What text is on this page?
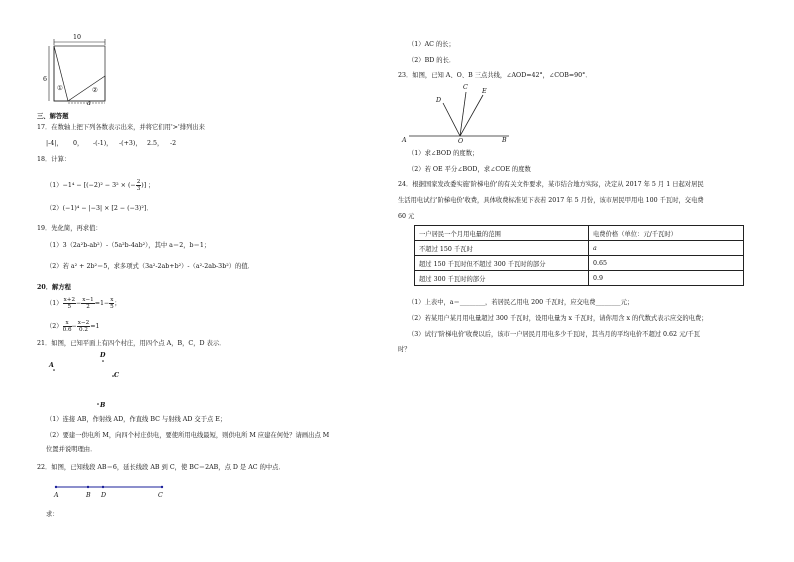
10
6
①	②
a
三、解答题
17．在数轴上把下列各数表示出来，并将它们用'>'排列出来
|-4|，	-(-1)，
0，	-(+3)， 2.5， -2
18．计算：
（1）−1⁴ − [(−2)² − 3² × (− $\frac{2}{3}$ )] ；
（2）(−1)⁴ − |−3| × [2 − (−3)²]．
19．先化简，再求值：
（1）3（2a²b-ab²）-（5a²b-4ab²），其中 a＝2，b＝1；
（2）若 a² + 2b²＝5，求多项式（3a²-2ab+b²）-（a²-2ab-3b²）的值．
20．解方程
$(1) \frac{x+2}{5} - \frac{x-1}{2} =1- \frac{x}{5}$ ；
$(2) \frac{x}{0.6} - \frac{x-2}{0.2} =1$
21．如图，已知平面上有四个村庄，用四个点 A，B，C，D 表示．
D
A
C
B
（1）连接 AB，作射线 AD，作直线 BC 与射线 AD 交于点 E；
（2）要建一供电所 M，向四个村庄供电，要使所用电线最短，则供电所 M 应建在何处？请画出点 M
位置并说明理由．
22．如图，已知线段 AB＝6，延长线段 AB 到 C，使 BC＝2AB，点 D 是 AC 的中点．
A	B D	C
求：
（1）AC 的长；
（2）BD 的长．
23．如图，已知 A、O、B 三点共线，∠AOD=42°，∠COB=90°．
D
C
E
A	O	B
（1）求∠BOD 的度数；
（2）若 OE 平分∠BOD，求∠COE 的度数
24．根据国家发改委实施'阶梯电价'的有关文件要求，某市结合地方实际，决定从 2017 年 5 月 1 日起对居民
生活用电试行'阶梯电价'收费，具体收费标准见下表若 2017 年 5 月份，该市居民甲用电 100 千瓦时，交电费
60 元
一户居民一个月用电量的范围	电费价格（单位：元/千瓦时）
不超过 150 千瓦时	a
超过 150 千瓦时但不超过 300 千瓦时的部分	0.65
超过 300 千瓦时的部分	0.9
（1）上表中，a＝________，若居民乙用电 200 千瓦时，应交电费________元；
（2）若某用户某月用电量超过 300 千瓦时，设用电量为 x 千瓦时，请你用含 x 的代数式表示应交的电费；
（3）试行'阶梯电价'收费以后，该市一户居民月用电多少千瓦时，其当月的平均电价不超过 0.62 元/千瓦
时？
